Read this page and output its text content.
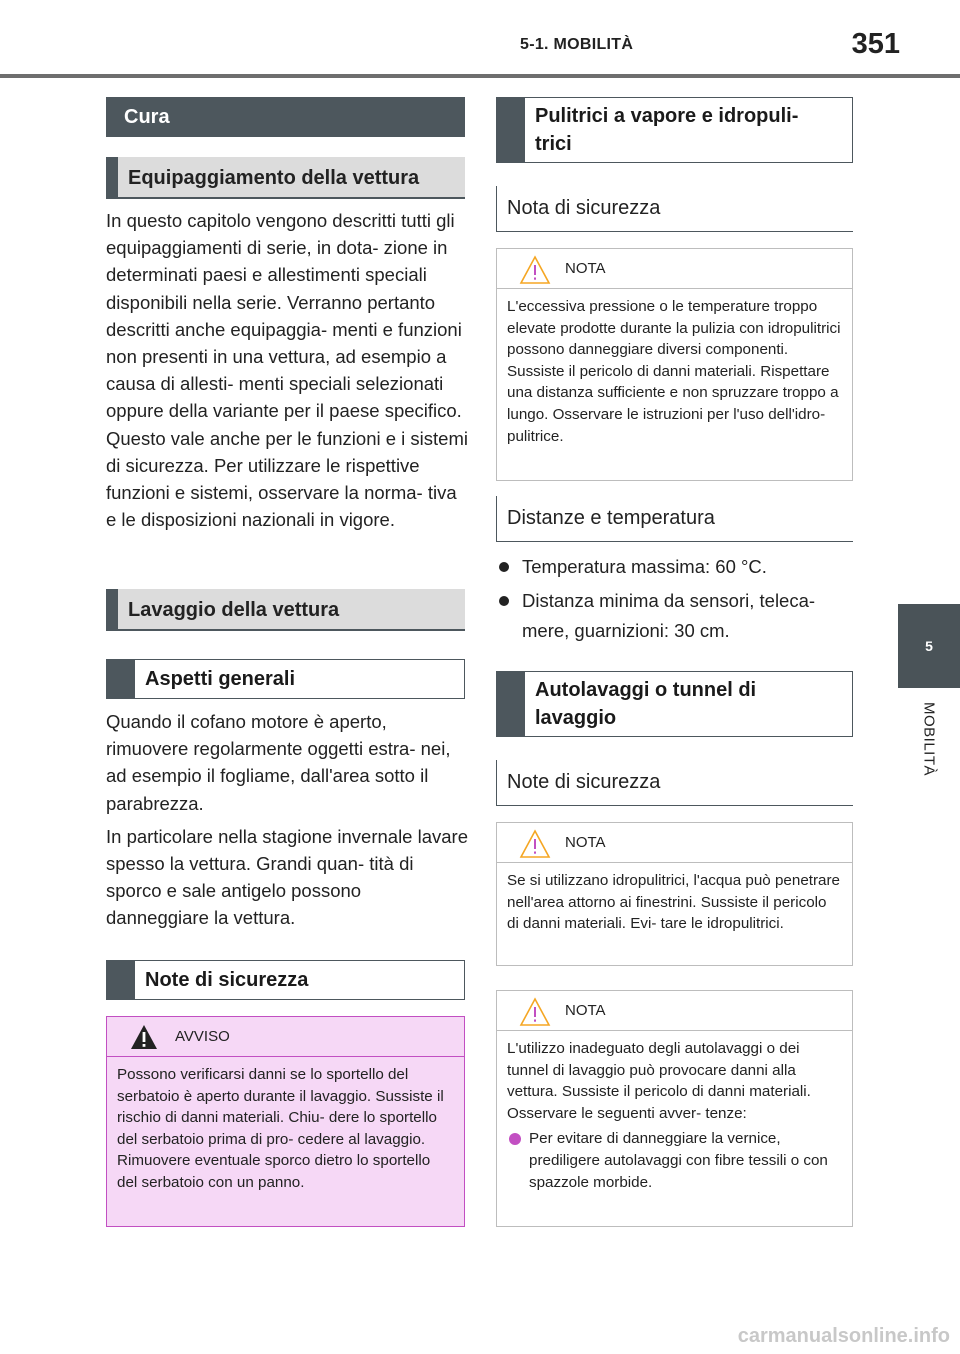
5-1. MOBILITÀ	351
5
MOBILITÀ
Cura
Equipaggiamento della vettura

In questo capitolo vengono descritti tutti gli equipaggiamenti di serie, in dota- zione in determinati paesi e allestimenti speciali disponibili nella serie. Verranno pertanto descritti anche equipaggia- menti e funzioni non presenti in una vettura, ad esempio a causa di allesti- menti speciali selezionati oppure della variante per il paese specifico. Questo vale anche per le funzioni e i sistemi di sicurezza. Per utilizzare le rispettive funzioni e sistemi, osservare la norma- tiva e le disposizioni nazionali in vigore.

Lavaggio della vettura
Aspetti generali

Quando il cofano motore è aperto, rimuovere regolarmente oggetti estra- nei, ad esempio il fogliame, dall'area sotto il parabrezza.

In particolare nella stagione invernale lavare spesso la vettura. Grandi quan- tità di sporco e sale antigelo possono danneggiare la vettura.

Note di sicurezza
AVVISO
Possono verificarsi danni se lo sportello del serbatoio è aperto durante il lavaggio. Sussiste il rischio di danni materiali. Chiu- dere lo sportello del serbatoio prima di pro- cedere al lavaggio. Rimuovere eventuale sporco dietro lo sportello del serbatoio con un panno.
Pulitrici a vapore e idropuli- trici
Nota di sicurezza
NOTA
L'eccessiva pressione o le temperature troppo elevate prodotte durante la pulizia con idropulitrici possono danneggiare diversi componenti. Sussiste il pericolo di danni materiali. Rispettare una distanza sufficiente e non spruzzare troppo a lungo. Osservare le istruzioni per l'uso dell'idro- pulitrice.
Distanze e temperatura
Temperatura massima: 60 °C.
Distanza minima da sensori, teleca- mere, guarnizioni: 30 cm.
Autolavaggi o tunnel di lavaggio
Note di sicurezza
NOTA
Se si utilizzano idropulitrici, l'acqua può penetrare nell'area attorno ai finestrini. Sussiste il pericolo di danni materiali. Evi- tare le idropulitrici.
NOTA
L'utilizzo inadeguato degli autolavaggi o dei tunnel di lavaggio può provocare danni alla vettura. Sussiste il pericolo di danni materiali. Osservare le seguenti avver- tenze:
Per evitare di danneggiare la vernice, prediligere autolavaggi con fibre tessili o con spazzole morbide.
carmanualsonline.info
